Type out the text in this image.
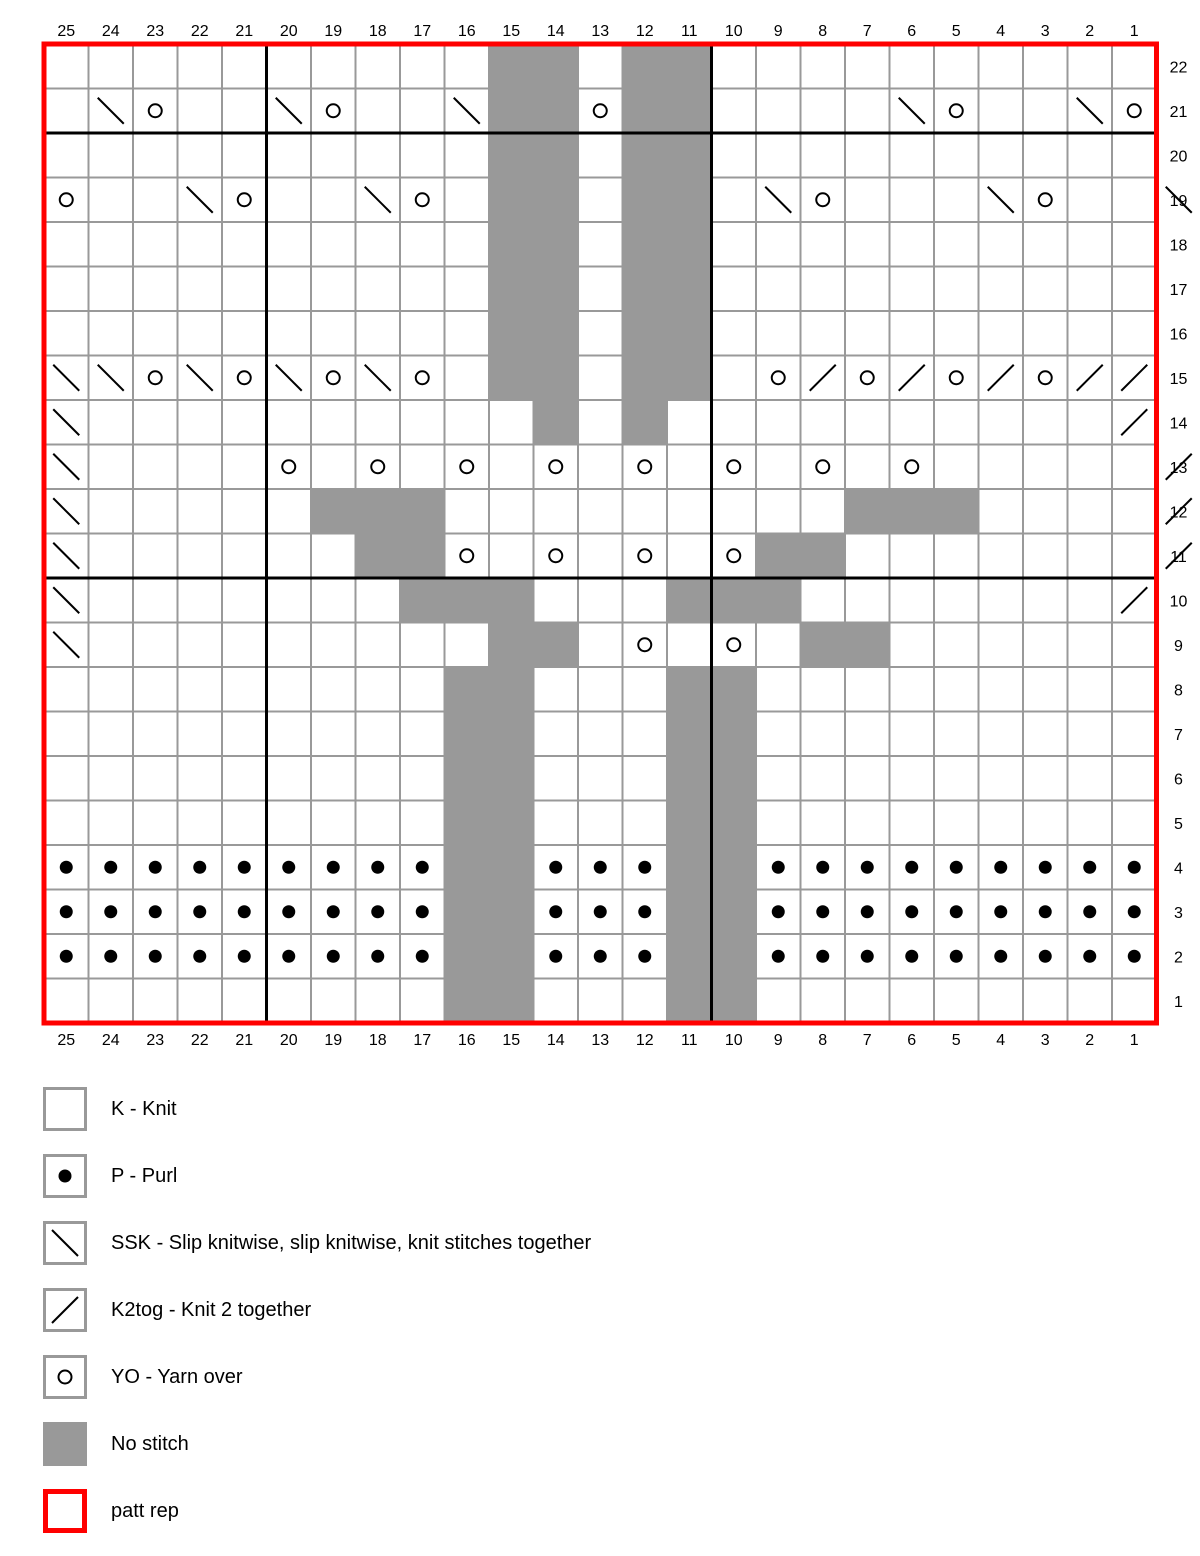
25 24 23 22 21 20 19 18 17 16 15 14 13 12 11 10 9 8 7 6 5 4 3 2 1
25 24 23 22 21 20 19 18 17 16 15 14 13 12 11 10 9 8 7 6 5 4 3 2 1
22
21
20
19
18
17
16
15
14
13
12
11
10
9
8
7
6
5
4
3
2
1
K - Knit
P - Purl
SSK - Slip knitwise, slip knitwise, knit stitches together
K2tog - Knit 2 together
YO - Yarn over
No stitch
patt rep
